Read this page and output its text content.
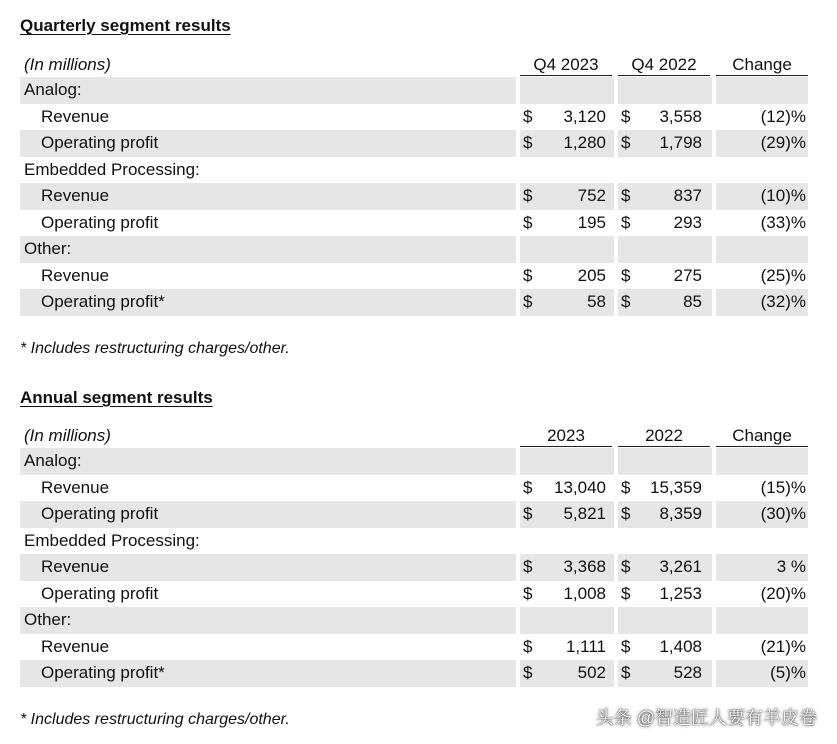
Quarterly segment results
(In millions)	Q4 2023	Q4 2022	Change
Analog:
Revenue	$ 3,120 $ 3,558	(12)%
Operating profit	$ 1,280 $ 1,798	(29)%
Embedded Processing:
Revenue	$	752 $	837	(10)%
Operating profit	$	195 $	293	(33)%
Other:
Revenue	$	205 $	275	(25)%
Operating profit*	$	58 $	85	(32)%
* Includes restructuring charges/other.
Annual segment results
(In millions)	2023	2022	Change
Analog:
Revenue	$ 13,040 $ 15,359	(15)%
Operating profit	$ 5,821 $ 8,359	(30)%
Embedded Processing:
Revenue	$ 3,368 $ 3,261	3 %
Operating profit	$ 1,008 $ 1,253	(20)%
Other:
Revenue	$ 1,111 $ 1,408	(21)%
Operating profit*	$	502 $	528	(5)%
* Includes restructuring charges/other.	头条 @智造匠人要有羊皮卷
